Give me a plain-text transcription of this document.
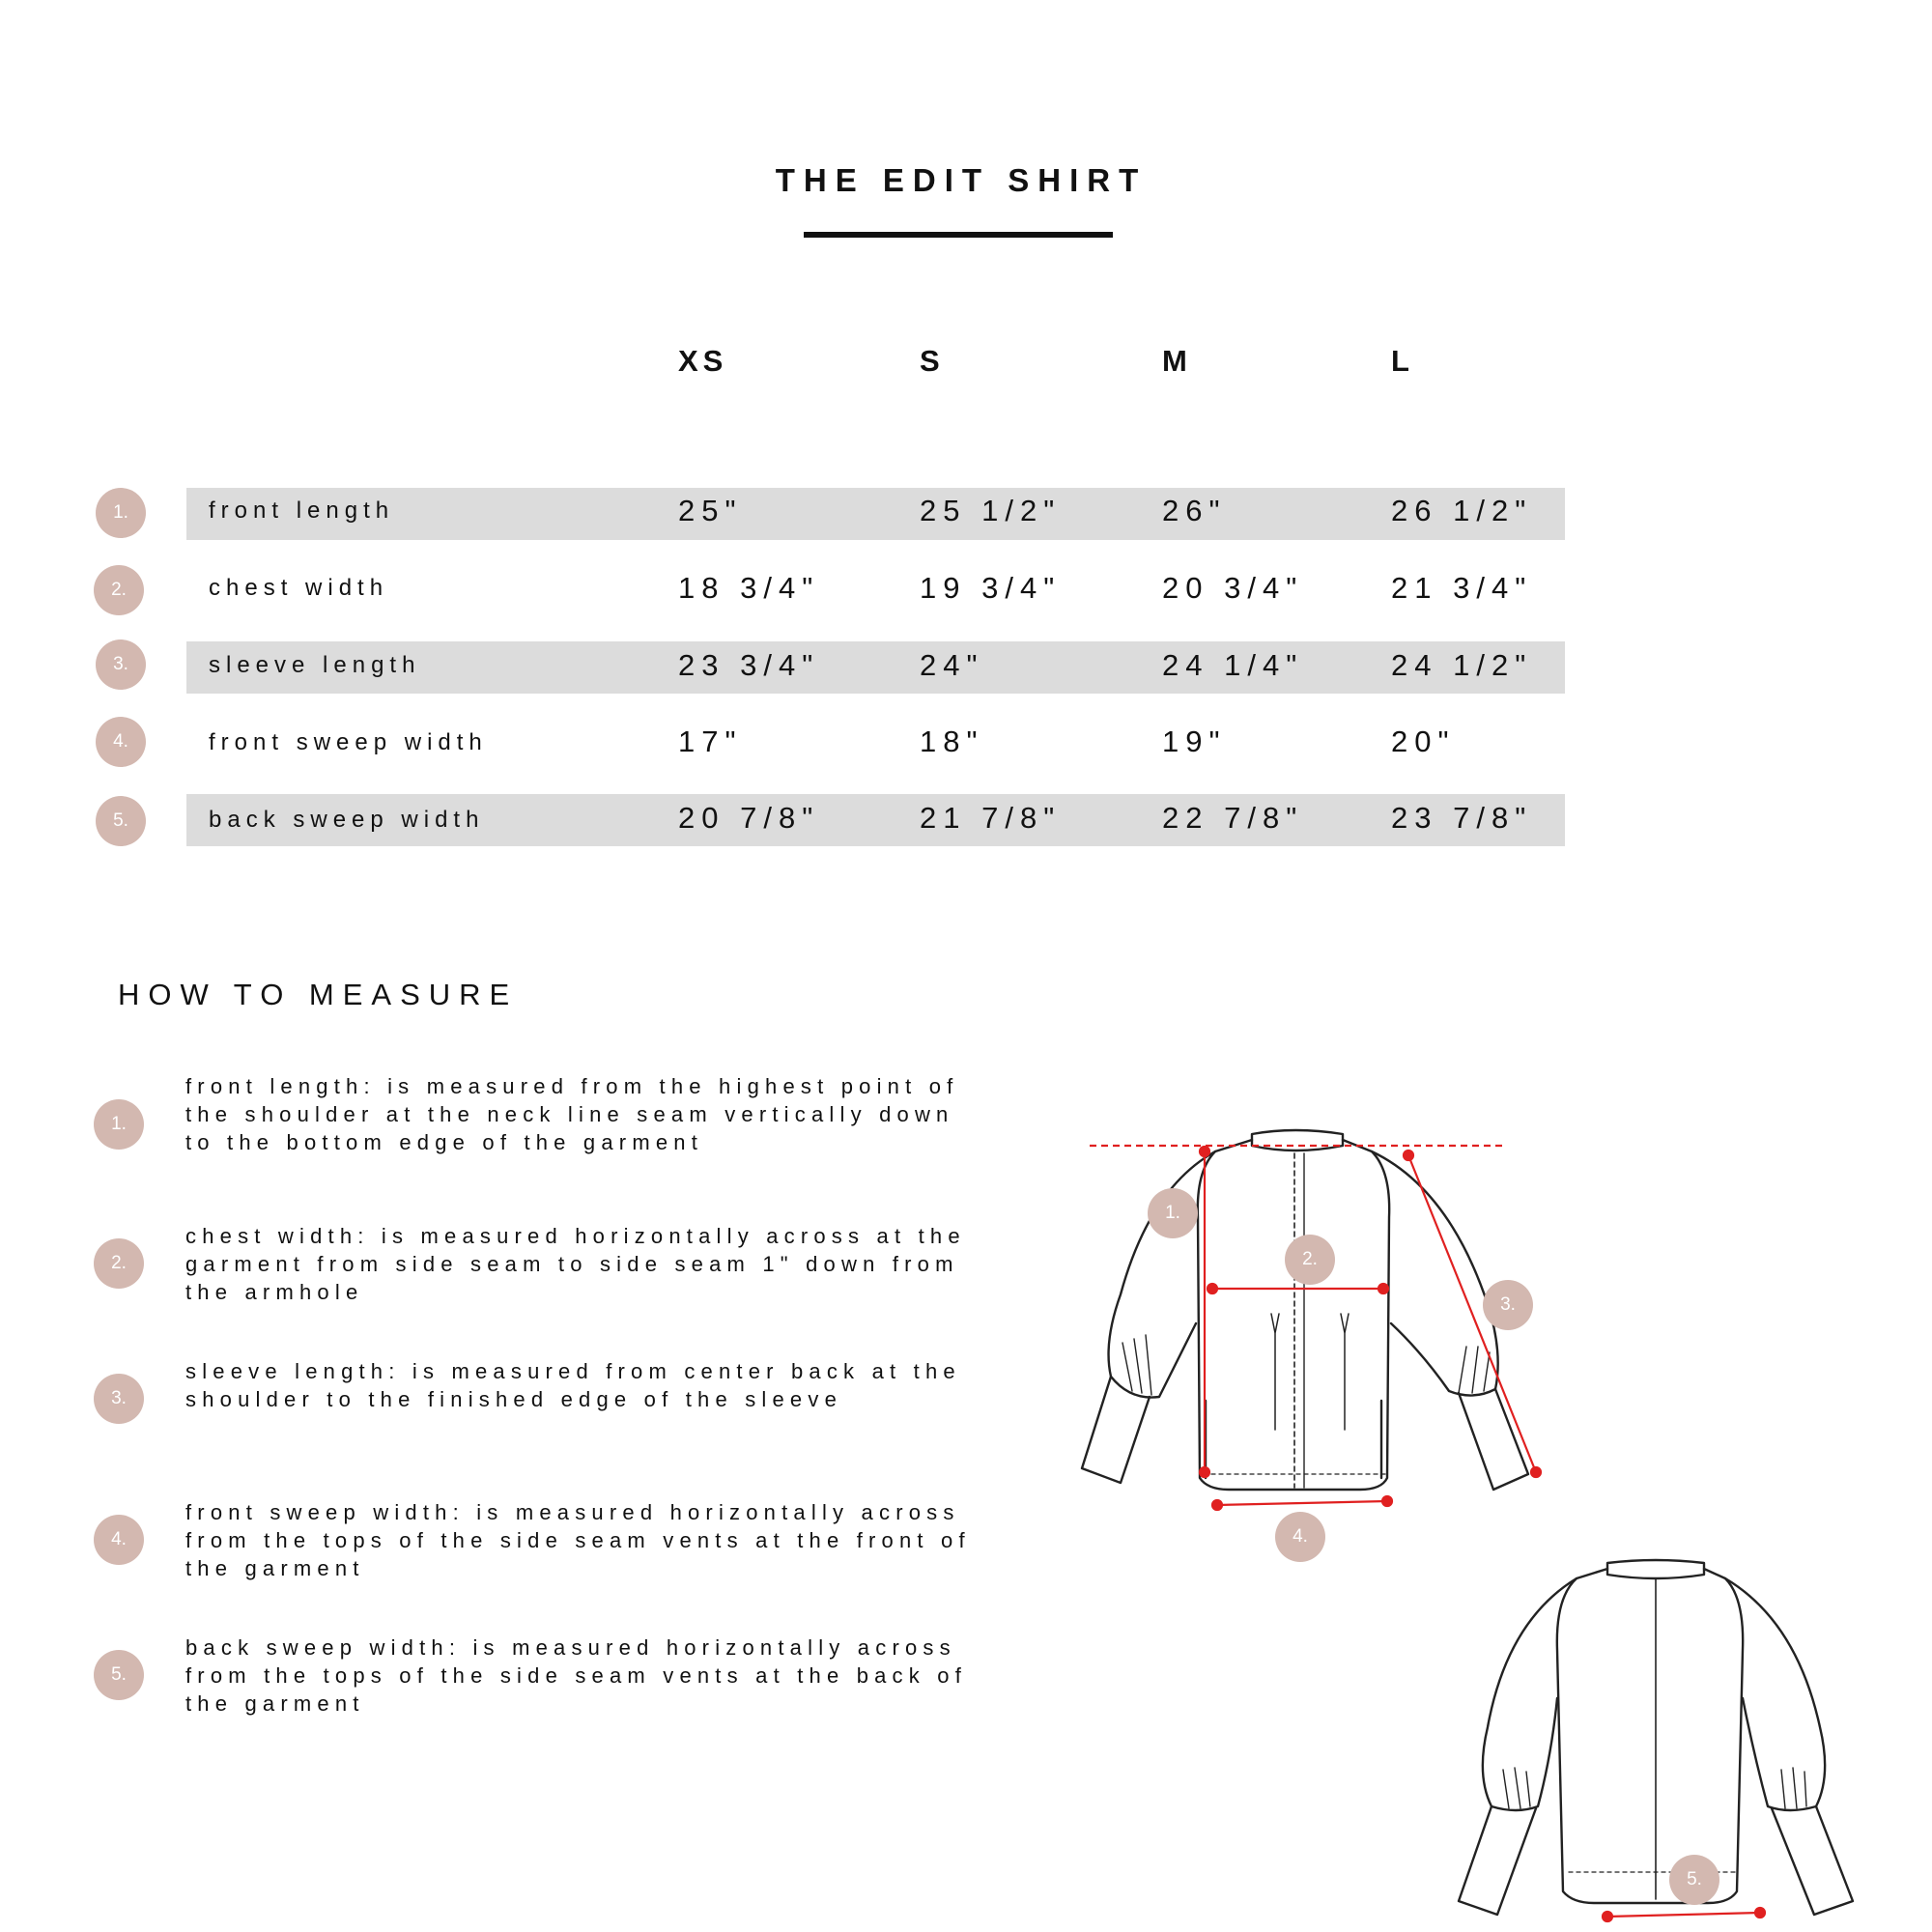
THE EDIT SHIRT
XS	S	M	L
1.	front length	25"	25 1/2"	26"	26 1/2"
2.	chest width	18 3/4"	19 3/4"	20 3/4"	21 3/4"
3.	sleeve length	23 3/4"	24"	24 1/4"	24 1/2"
4.	front sweep width	17"	18"	19"	20"
5.	back sweep width	20 7/8"	21 7/8"	22 7/8"	23 7/8"
HOW TO MEASURE
1.

front length: is measured from the highest point of the shoulder at the neck line seam vertically down to the bottom edge of the garment

2.

chest width: is measured horizontally across at the garment from side seam to side seam 1" down from the armhole

3.

sleeve length: is measured from center back at the shoulder to the finished edge of the sleeve

4.

front sweep width: is measured horizontally across from the tops of the side seam vents at the front of the garment

5.

back sweep width: is measured horizontally across from the tops of the side seam vents at the back of the garment

1.
2.
3.
4.
5.
